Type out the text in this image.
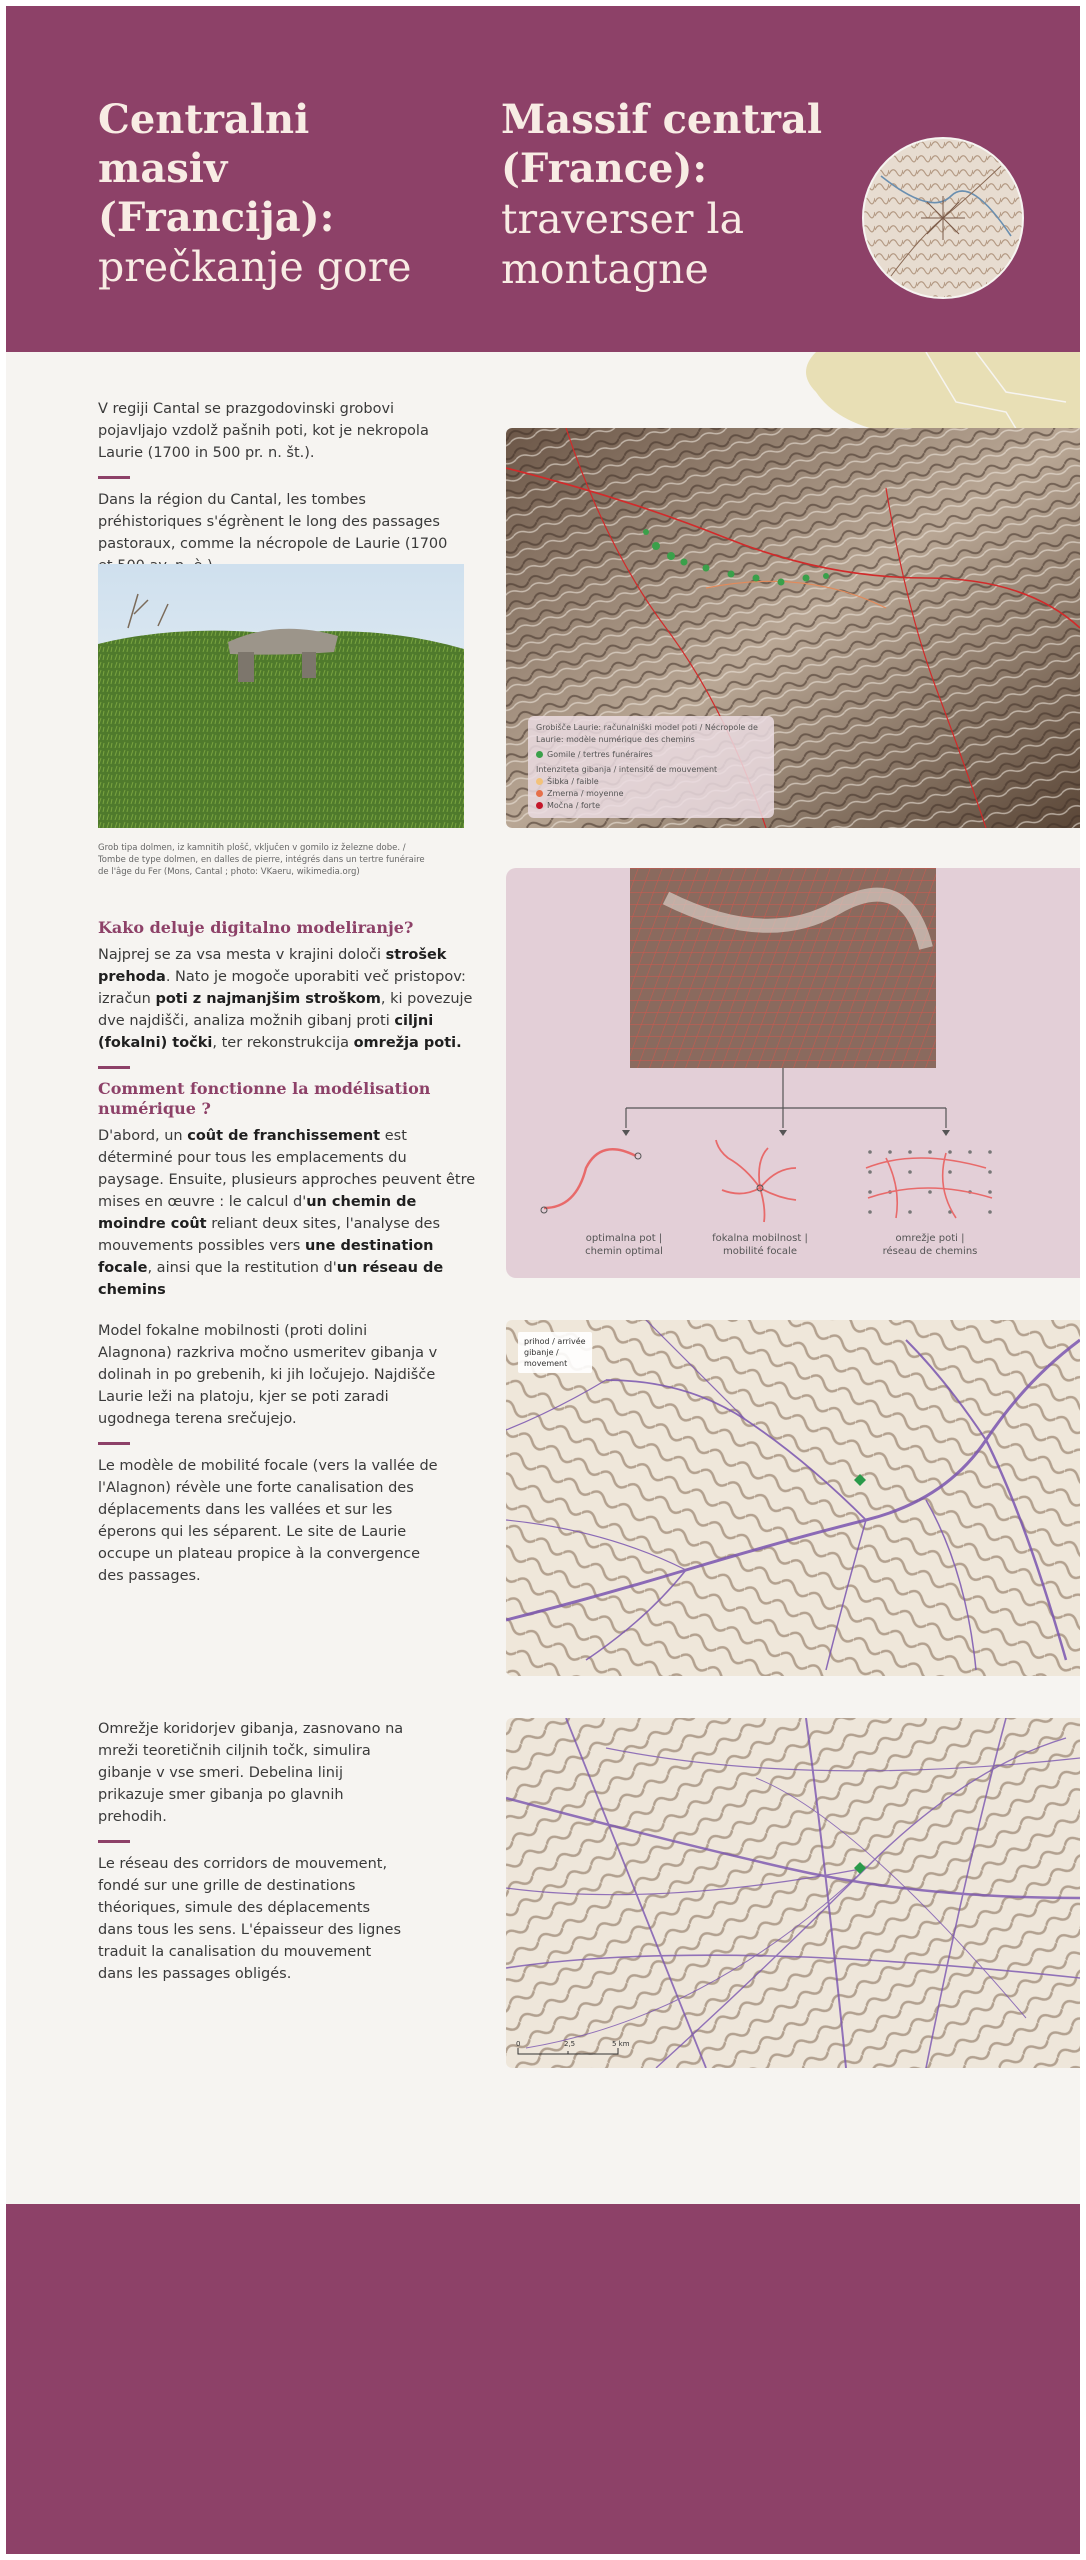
Centralni masiv (Francija):
prečkanje gore
Massif central (France):
traverser la montagne

V regiji Cantal se prazgodovinski grobovi pojavljajo vzdolž pašnih poti, kot je nekropola Laurie (1700 in 500 pr. n. št.).

Dans la région du Cantal, les tombes préhistoriques s'égrènent le long des passages pastoraux, comme la nécropole de Laurie (1700

Grob tipa dolmen, iz kamnitih plošč, vključen v gomilo iz železne dobe. /
Tombe de type dolmen, en dalles de pierre, intégrés dans un tertre funéraire
de l'âge du Fer (Mons, Cantal ; photo: VKaeru, wikimedia.org)
Grobišče Laurie: računalniški model poti / Nécropole de Laurie: modèle numérique des chemins
Gomile / tertres funéraires
Intenziteta gibanja / intensité de mouvement
Šibka / faible
Zmerna / moyenne
Močna / forte
Kako deluje digitalno modeliranje?

Najprej se za vsa mesta v krajini določi strošek prehoda. Nato je mogoče uporabiti več pristopov: izračun poti z najmanjšim stroškom, ki povezuje dve najdišči, analiza možnih gibanj proti ciljni (fokalni) točki, ter rekonstrukcija omrežja poti.

Comment fonctionne la modélisation numérique ?

D'abord, un coût de franchissement est déterminé pour tous les emplacements du paysage. Ensuite, plusieurs approches peuvent être mises en œuvre : le calcul d'un chemin de moindre coût reliant deux sites, l'analyse des mouvements possibles vers une destination focale, ainsi que la restitution d'un réseau de chemins

optimalna pot |
chemin optimal
fokalna mobilnost |
mobilité focale
omrežje poti |
réseau de chemins

Model fokalne mobilnosti (proti dolini Alagnona) razkriva močno usmeritev gibanja v dolinah in po grebenih, ki jih ločujejo. Najdišče Laurie leži na platoju, kjer se poti zaradi ugodnega terena srečujejo.

Le modèle de mobilité focale (vers la vallée de l'Alagnon) révèle une forte canalisation des déplacements dans les vallées et sur les éperons qui les séparent. Le site de Laurie occupe un plateau propice à la convergence des passages.

prihod / arrivée
gibanje /
movement

Omrežje koridorjev gibanja, zasnovano na mreži teoretičnih ciljnih točk, simulira gibanje v vse smeri. Debelina linij prikazuje smer gibanja po glavnih prehodih.

Le réseau des corridors de mouvement, fondé sur une grille de destinations théoriques, simule des déplacements dans tous les sens. L'épaisseur des lignes traduit la canalisation du mouvement dans les passages obligés.

0	2,5	5 km
